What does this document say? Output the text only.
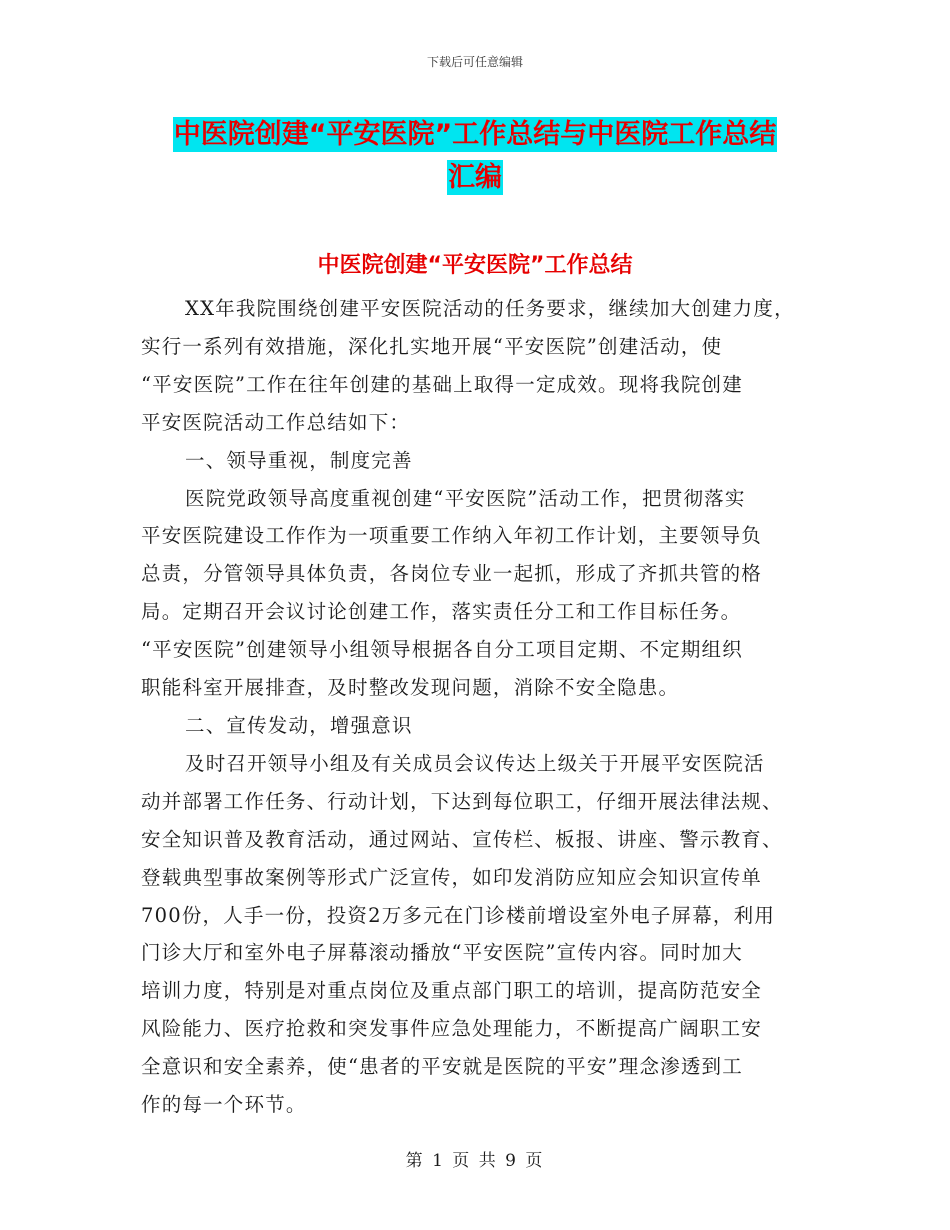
下载后可任意编辑
中医院创建“平安医院”工作总结与中医院工作总结
汇编
中医院创建“平安医院”工作总结

XX年我院围绕创建平安医院活动的任务要求，继续加大创建力度，

实行一系列有效措施，深化扎实地开展“平安医院”创建活动，使

“平安医院”工作在往年创建的基础上取得一定成效。现将我院创建

平安医院活动工作总结如下：

一、领导重视，制度完善

医院党政领导高度重视创建“平安医院”活动工作，把贯彻落实

平安医院建设工作作为一项重要工作纳入年初工作计划，主要领导负

总责，分管领导具体负责，各岗位专业一起抓，形成了齐抓共管的格

局。定期召开会议讨论创建工作，落实责任分工和工作目标任务。

“平安医院”创建领导小组领导根据各自分工项目定期、不定期组织

职能科室开展排查，及时整改发现问题，消除不安全隐患。

二、宣传发动，增强意识

及时召开领导小组及有关成员会议传达上级关于开展平安医院活

动并部署工作任务、行动计划，下达到每位职工，仔细开展法律法规、

安全知识普及教育活动，通过网站、宣传栏、板报、讲座、警示教育、

登载典型事故案例等形式广泛宣传，如印发消防应知应会知识宣传单

700份，人手一份，投资2万多元在门诊楼前增设室外电子屏幕，利用

门诊大厅和室外电子屏幕滚动播放“平安医院”宣传内容。同时加大

培训力度，特别是对重点岗位及重点部门职工的培训，提高防范安全

风险能力、医疗抢救和突发事件应急处理能力，不断提高广阔职工安

全意识和安全素养，使“患者的平安就是医院的平安”理念渗透到工

作的每一个环节。

第 1 页 共 9 页
